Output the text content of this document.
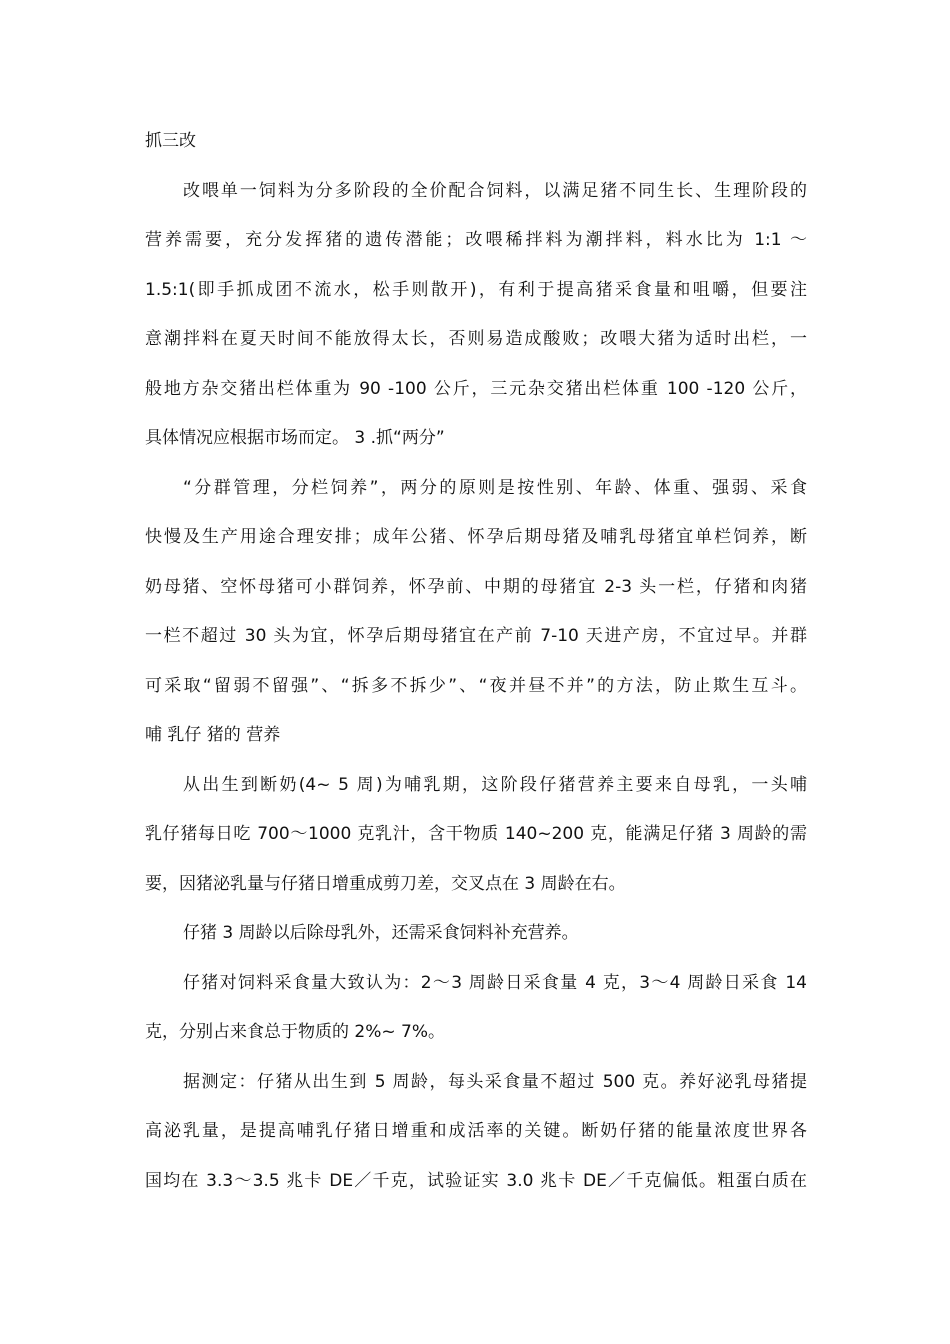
抓三改
改喂单一饲料为分多阶段的全价配合饲料，以满足猪不同生长、生理阶段的
营养需要，充分发挥猪的遗传潜能；改喂稀拌料为潮拌料，料水比为 1:1 ～
1.5:1(即手抓成团不流水，松手则散开)，有利于提高猪采食量和咀嚼，但要注
意潮拌料在夏天时间不能放得太长，否则易造成酸败；改喂大猪为适时出栏，一
般地方杂交猪出栏体重为 90 -100 公斤，三元杂交猪出栏体重 100 -120 公斤，
具体情况应根据市场而定。 3 .抓“两分”
“分群管理，分栏饲养”，两分的原则是按性别、年龄、体重、强弱、采食
快慢及生产用途合理安排；成年公猪、怀孕后期母猪及哺乳母猪宜单栏饲养，断
奶母猪、空怀母猪可小群饲养，怀孕前、中期的母猪宜 2-3 头一栏，仔猪和肉猪
一栏不超过 30 头为宜，怀孕后期母猪宜在产前 7-10 天进产房，不宜过早。并群
可采取“留弱不留强”、“拆多不拆少”、“夜并昼不并”的方法，防止欺生互斗。
哺 乳仔 猪的 营养
从出生到断奶(4~ 5 周)为哺乳期，这阶段仔猪营养主要来自母乳，一头哺
乳仔猪每日吃 700～1000 克乳汁，含干物质 140~200 克，能满足仔猪 3 周龄的需
要，因猪泌乳量与仔猪日增重成剪刀差，交叉点在 3 周龄在右。
仔猪 3 周龄以后除母乳外，还需采食饲料补充营养。
仔猪对饲料采食量大致认为：2～3 周龄日采食量 4 克，3～4 周龄日采食 14
克，分别占来食总于物质的 2%~ 7%。
据测定：仔猪从出生到 5 周龄，每头采食量不超过 500 克。养好泌乳母猪提
高泌乳量，是提高哺乳仔猪日增重和成活率的关键。断奶仔猪的能量浓度世界各
国均在 3.3～3.5 兆卡 DE／千克，试验证实 3.0 兆卡 DE／千克偏低。粗蛋白质在
